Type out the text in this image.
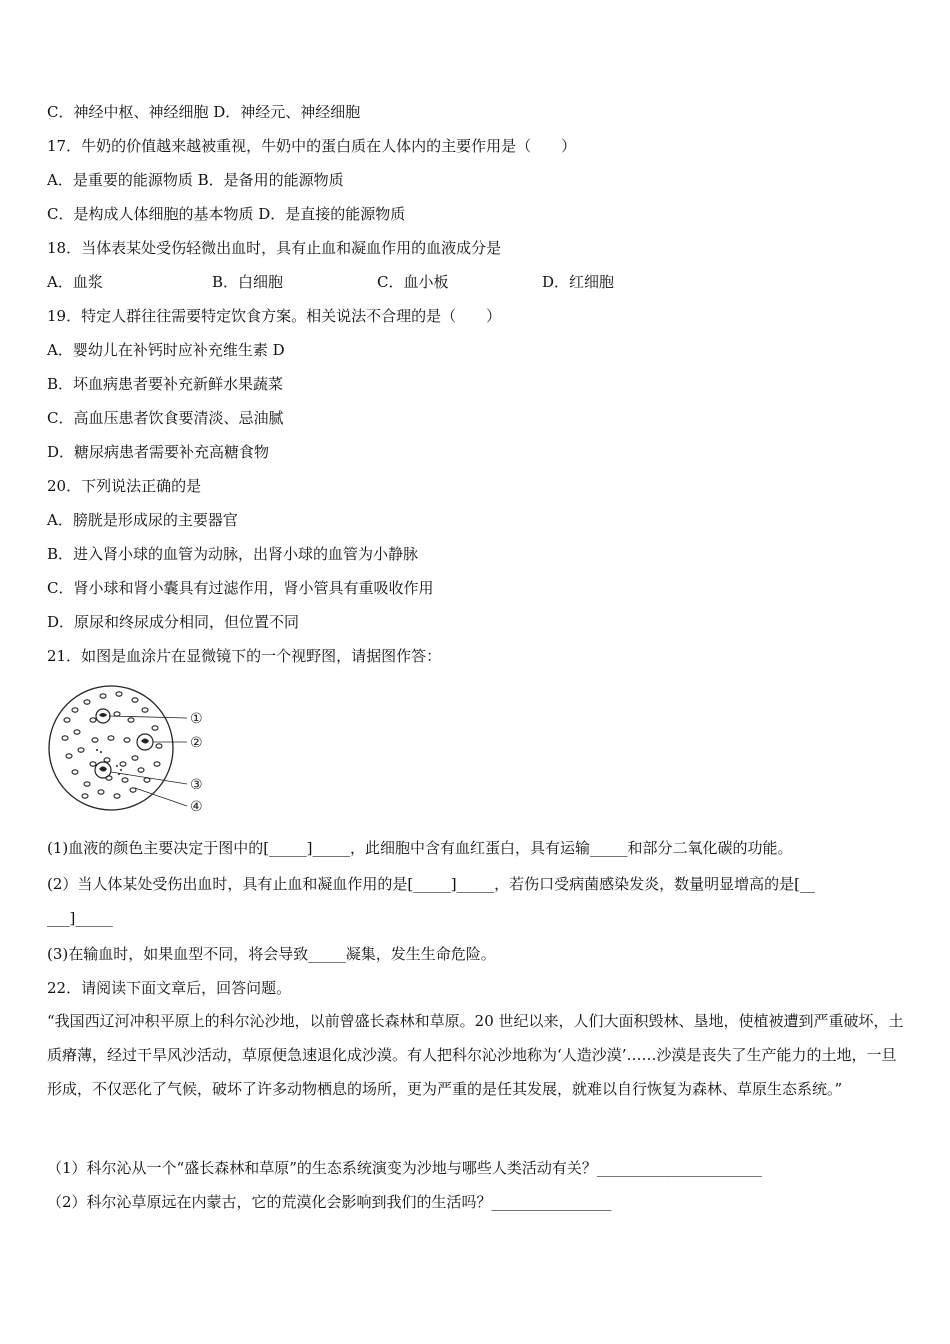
C．神经中枢、神经细胞 D．神经元、神经细胞
17．牛奶的价值越来越被重视，牛奶中的蛋白质在人体内的主要作用是（　　）
A．是重要的能源物质 B．是备用的能源物质
C．是构成人体细胞的基本物质 D．是直接的能源物质
18．当体表某处受伤轻微出血时，具有止血和凝血作用的血液成分是
A．血浆	B．白细胞	C．血小板	D．红细胞
19．特定人群往往需要特定饮食方案。相关说法不合理的是（　　）
A．婴幼儿在补钙时应补充维生素 D
B．坏血病患者要补充新鲜水果蔬菜
C．高血压患者饮食要清淡、忌油腻
D．糖尿病患者需要补充高糖食物
20．下列说法正确的是
A．膀胱是形成尿的主要器官
B．进入肾小球的血管为动脉，出肾小球的血管为小静脉
C．肾小球和肾小囊具有过滤作用，肾小管具有重吸收作用
D．原尿和终尿成分相同，但位置不同
21．如图是血涂片在显微镜下的一个视野图，请据图作答：
①
②
③
④
(1)血液的颜色主要决定于图中的[_____]_____，此细胞中含有血红蛋白，具有运输_____和部分二氧化碳的功能。
(2）当人体某处受伤出血时，具有止血和凝血作用的是[_____]_____，若伤口受病菌感染发炎，数量明显增高的是[__
___]_____
(3)在输血时，如果血型不同，将会导致_____凝集，发生生命危险。
22．请阅读下面文章后，回答问题。
“我国西辽河冲积平原上的科尔沁沙地，以前曾盛长森林和草原。20 世纪以来，人们大面积毁林、垦地，使植被遭到严重破坏，土质瘠薄，经过干旱风沙活动，草原便急速退化成沙漠。有人把科尔沁沙地称为‘人造沙漠’……沙漠是丧失了生产能力的土地，一旦形成，不仅恶化了气候，破坏了许多动物栖息的场所，更为严重的是任其发展，就难以自行恢复为森林、草原生态系统。”
（1）科尔沁从一个“盛长森林和草原”的生态系统演变为沙地与哪些人类活动有关？______________________
（2）科尔沁草原远在内蒙古，它的荒漠化会影响到我们的生活吗？________________
